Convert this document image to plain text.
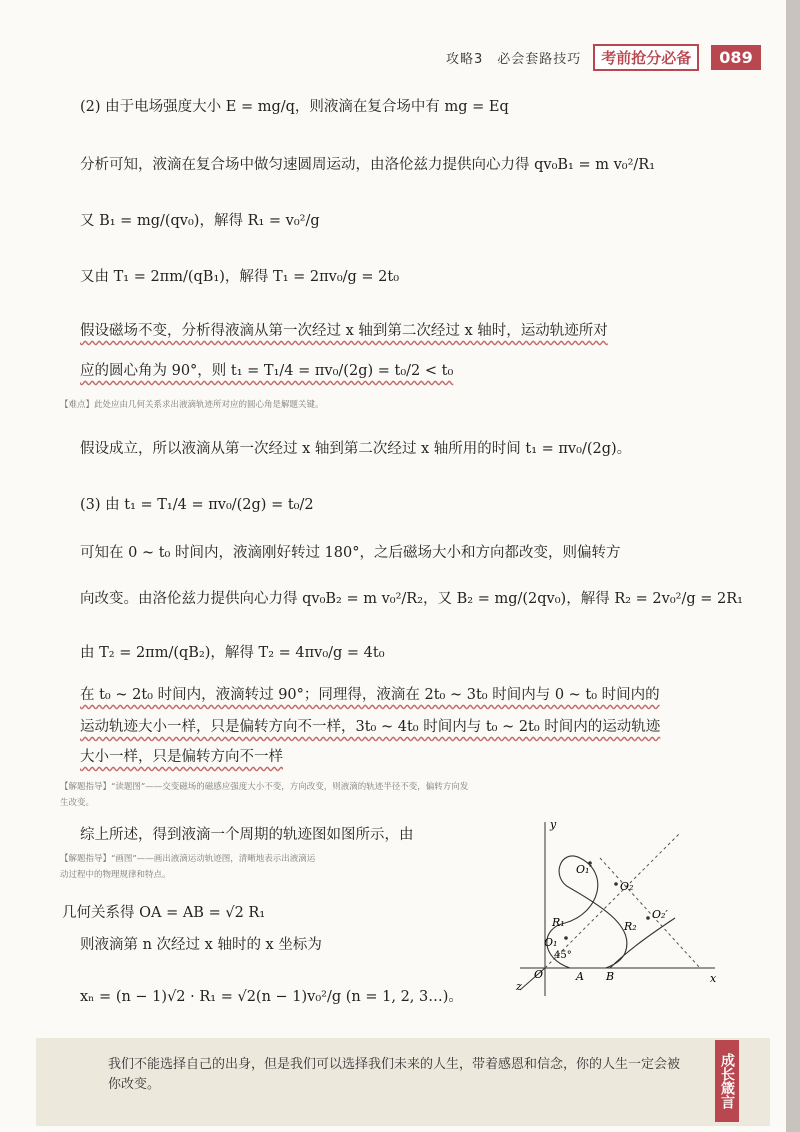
攻略3　必会套路技巧	考前抢分必备	089
(2) 由于电场强度大小 E = mg/q，则液滴在复合场中有 mg = Eq
分析可知，液滴在复合场中做匀速圆周运动，由洛伦兹力提供向心力得 qv₀B₁ = m v₀²/R₁
又 B₁ = mg/(qv₀)，解得 R₁ = v₀²/g
又由 T₁ = 2πm/(qB₁)，解得 T₁ = 2πv₀/g = 2t₀
假设磁场不变，分析得液滴从第一次经过 x 轴到第二次经过 x 轴时，运动轨迹所对
应的圆心角为 90°，则 t₁ = T₁/4 = πv₀/(2g) = t₀/2 < t₀
【难点】此处应由几何关系求出液滴轨迹所对应的圆心角是解题关键。
假设成立，所以液滴从第一次经过 x 轴到第二次经过 x 轴所用的时间 t₁ = πv₀/(2g)。
(3) 由 t₁ = T₁/4 = πv₀/(2g) = t₀/2
可知在 0 ~ t₀ 时间内，液滴刚好转过 180°，之后磁场大小和方向都改变，则偏转方
向改变。由洛伦兹力提供向心力得 qv₀B₂ = m v₀²/R₂，又 B₂ = mg/(2qv₀)，解得 R₂ = 2v₀²/g = 2R₁
由 T₂ = 2πm/(qB₂)，解得 T₂ = 4πv₀/g = 4t₀
在 t₀ ~ 2t₀ 时间内，液滴转过 90°；同理得，液滴在 2t₀ ~ 3t₀ 时间内与 0 ~ t₀ 时间内的
运动轨迹大小一样，只是偏转方向不一样，3t₀ ~ 4t₀ 时间内与 t₀ ~ 2t₀ 时间内的运动轨迹
大小一样，只是偏转方向不一样
【解题指导】“读题图”——交变磁场的磁感应强度大小不变，方向改变，则液滴的轨迹半径不变，偏转方向发
生改变。
综上所述，得到液滴一个周期的轨迹图如图所示，由
【解题指导】“画图”——画出液滴运动轨迹图，清晰地表示出液滴运
动过程中的物理规律和特点。
几何关系得 OA = AB = √2 R₁
则液滴第 n 次经过 x 轴时的 x 坐标为
xₙ = (n − 1)√2 · R₁ = √2(n − 1)v₀²/g (n = 1, 2, 3…)。
y
x
z
O	A B
O₁
O₁′
O₂
O₂′
R₁	R₂
45°
我们不能选择自己的出身，但是我们可以选择我们未来的人生，带着感恩和信念，你的人生一定会被你改变。	成长箴言
